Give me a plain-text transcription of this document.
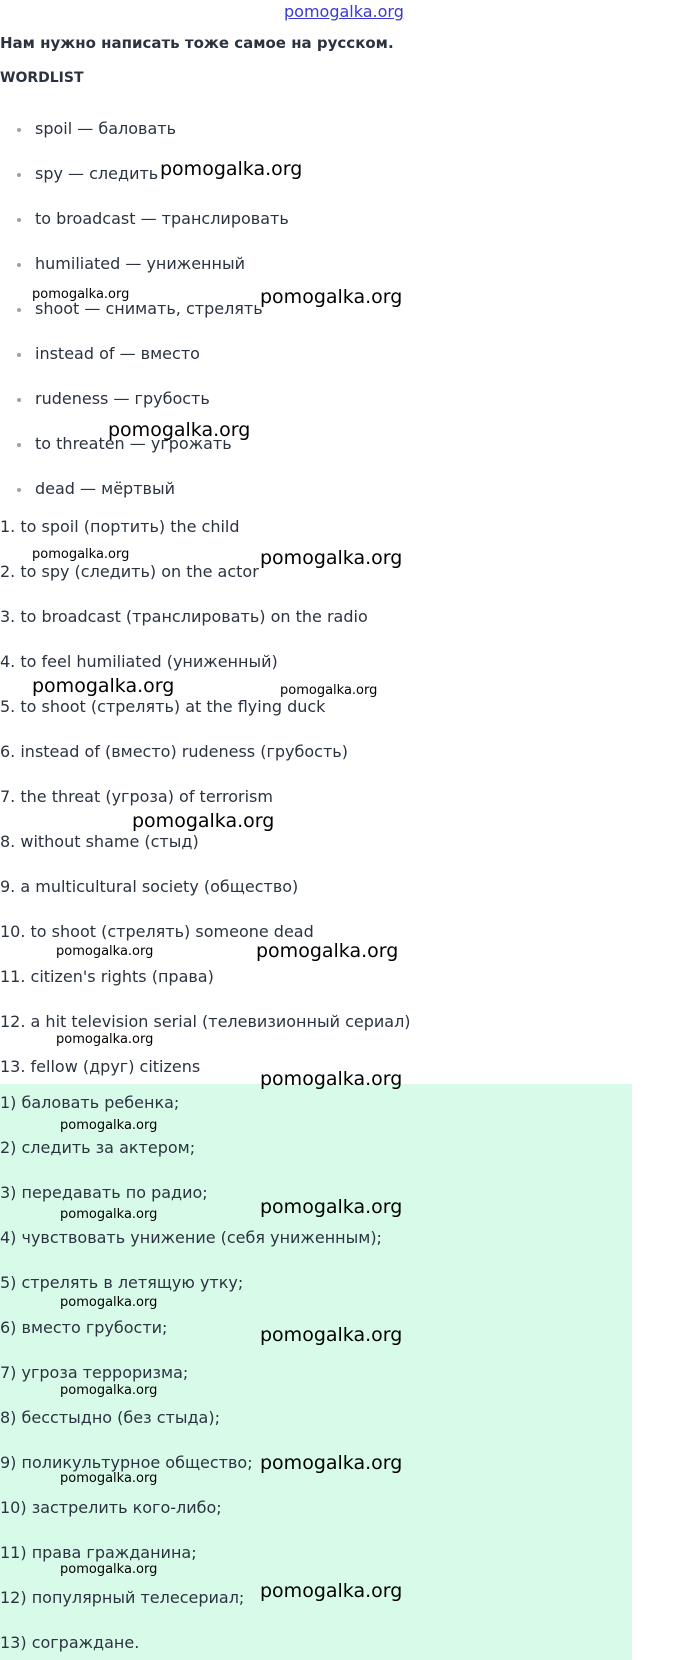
pomogalka.org
Нам нужно написать тоже самое на русском.
WORDLIST
spoil — баловать
spy — следить
to broadcast — транслировать
humiliated — униженный
shoot — снимать, стрелять
instead of — вместо
rudeness — грубость
to threaten — угрожать
dead — мёртвый
1. to spoil (портить) the child
2. to spy (следить) on the actor
3. to broadcast (транслировать) on the radio
4. to feel humiliated (униженный)
5. to shoot (стрелять) at the flying duck
6. instead of (вместо) rudeness (грубость)
7. the threat (угроза) of terrorism
8. without shame (стыд)
9. a multicultural society (общество)
10. to shoot (стрелять) someone dead
11. citizen's rights (права)
12. a hit television serial (телевизионный сериал)
13. fellow (друг) citizens
1) баловать ребенка;
2) следить за актером;
3) передавать по радио;
4) чувствовать унижение (себя униженным);
5) стрелять в летящую утку;
6) вместо грубости;
7) угроза терроризма;
8) бесстыдно (без стыда);
9) поликультурное общество;
10) застрелить кого-либо;
11) права гражданина;
12) популярный телесериал;
13) сограждане.
pomogalka.org
pomogalka.org	pomogalka.org
pomogalka.org
pomogalka.org	pomogalka.org
pomogalka.org	pomogalka.org
pomogalka.org
pomogalka.org
pomogalka.org
pomogalka.org
pomogalka.org
pomogalka.org
pomogalka.org	pomogalka.org
pomogalka.org
pomogalka.org
pomogalka.org
pomogalka.org
pomogalka.org
pomogalka.org
pomogalka.org
